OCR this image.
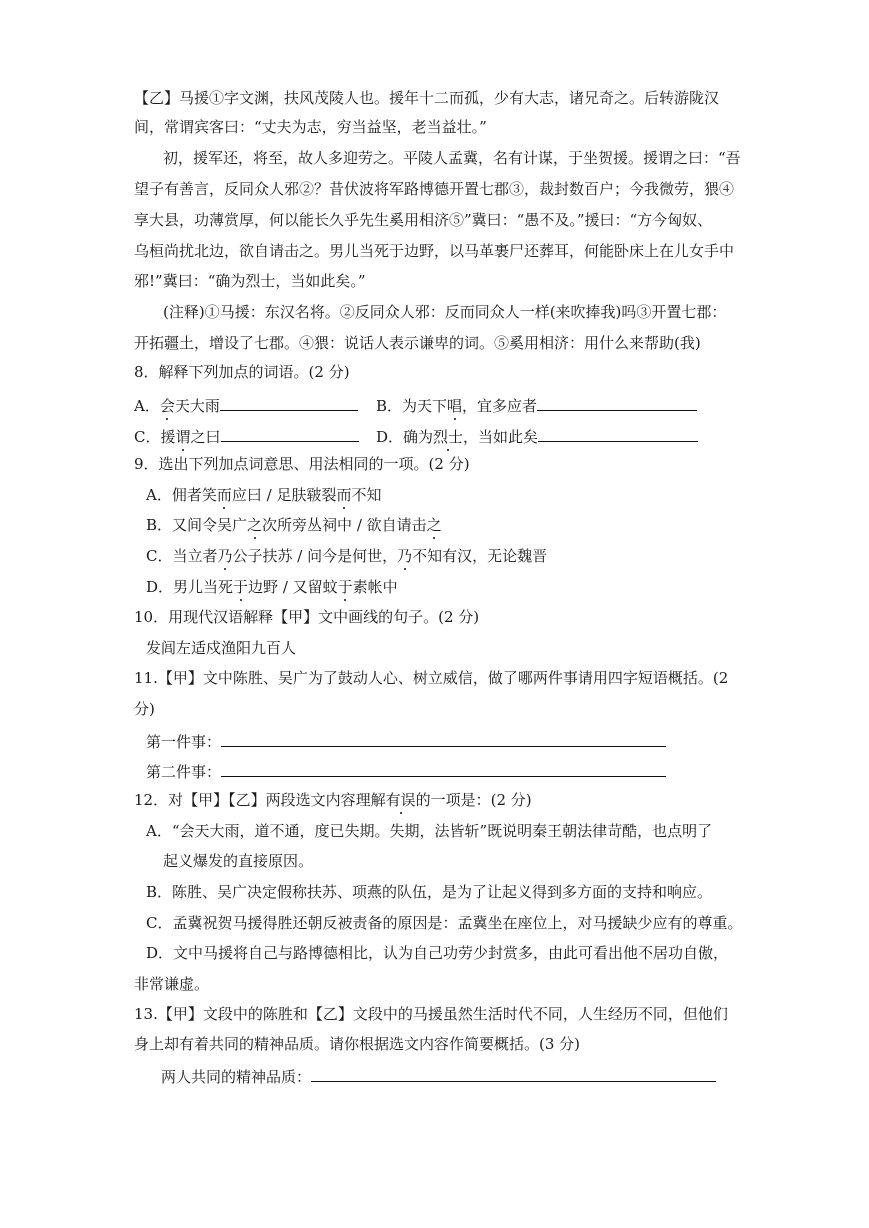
【乙】马援①字文渊，扶风茂陵人也。援年十二而孤，少有大志，诸兄奇之。后转游陇汉
间，常谓宾客曰：“丈夫为志，穷当益坚，老当益壮。”
初，援军还，将至，故人多迎劳之。平陵人孟冀，名有计谋，于坐贺援。援谓之曰：“吾
望子有善言，反同众人邪②？昔伏波将军路博德开置七郡③，裁封数百户；今我微劳，猥④
享大县，功薄赏厚，何以能长久乎先生奚用相济⑤”冀曰：“愚不及。”援曰：“方今匈奴、
乌桓尚扰北边，欲自请击之。男儿当死于边野，以马革裹尸还葬耳，何能卧床上在儿女手中
邪!”冀曰：“确为烈士，当如此矣。”
(注释)①马援：东汉名将。②反同众人邪：反而同众人一样(来吹捧我)吗③开置七郡：
开拓疆土，增设了七郡。④猥：说话人表示谦卑的词。⑤奚用相济：用什么来帮助(我)
8．解释下列加点的词语。(2 分)
A．会天大雨	B．为天下唱，宜多应者
C．援谓之曰	D．确为烈士，当如此矣
9．选出下列加点词意思、用法相同的一项。(2 分)
A．佣者笑而应曰 / 足肤皲裂而不知
B．又间令吴广之次所旁丛祠中 / 欲自请击之
C．当立者乃公子扶苏 / 问今是何世，乃不知有汉，无论魏晋
D．男儿当死于边野 / 又留蚊于素帐中
10．用现代汉语解释【甲】文中画线的句子。(2 分)
发闾左适戍渔阳九百人
11.【甲】文中陈胜、吴广为了鼓动人心、树立威信，做了哪两件事请用四字短语概括。(2
分)
第一件事：
第二件事：
12．对【甲】【乙】两段选文内容理解有误的一项是：(2 分)
A．“会天大雨，道不通，度已失期。失期，法皆斩”既说明秦王朝法律苛酷，也点明了
起义爆发的直接原因。
B．陈胜、吴广决定假称扶苏、项燕的队伍，是为了让起义得到多方面的支持和响应。
C．孟冀祝贺马援得胜还朝反被责备的原因是：孟冀坐在座位上，对马援缺少应有的尊重。
D．文中马援将自己与路博德相比，认为自己功劳少封赏多，由此可看出他不居功自傲，
非常谦虚。
13.【甲】文段中的陈胜和【乙】文段中的马援虽然生活时代不同，人生经历不同，但他们
身上却有着共同的精神品质。请你根据选文内容作简要概括。(3 分)
两人共同的精神品质：
